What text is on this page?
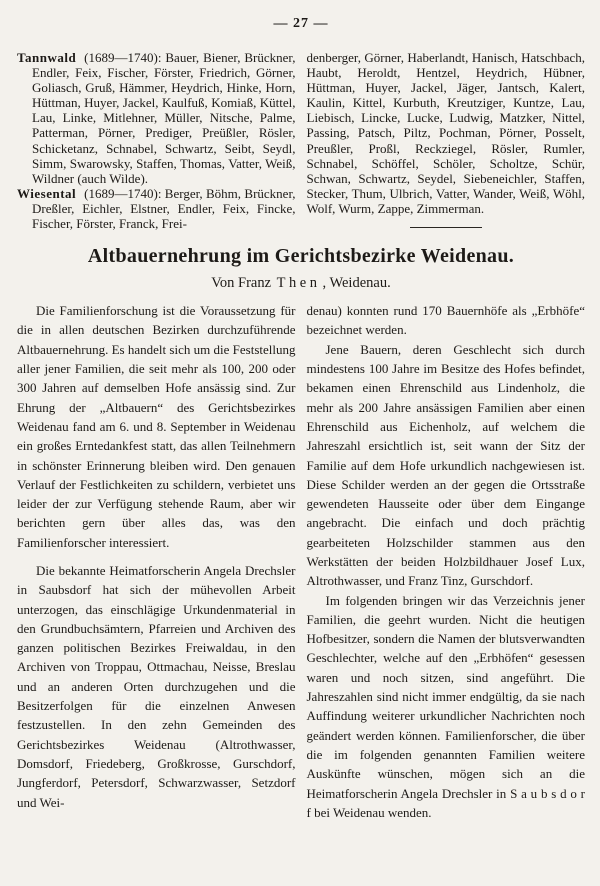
— 27 —

Tannwald (1689—1740): Bauer, Biener, Brückner, Endler, Feix, Fischer, Förster, Friedrich, Görner, Goliasch, Gruß, Hämmer, Heydrich, Hinke, Horn, Hüttman, Huyer, Jackel, Kaulfuß, Komiaß, Küttel, Lau, Linke, Mitlehner, Müller, Nitsche, Palme, Patterman, Pörner, Prediger, Preüßler, Rösler, Schicketanz, Schnabel, Schwartz, Seibt, Seydl, Simm, Swarowsky, Staffen, Thomas, Vatter, Weiß, Wildner (auch Wilde).

Wiesental (1689—1740): Berger, Böhm, Brückner, Dreßler, Eichler, Elstner, Endler, Feix, Fincke, Fischer, Förster, Franck, Frei-

denberger, Görner, Haberlandt, Hanisch, Hatschbach, Haubt, Heroldt, Hentzel, Heydrich, Hübner, Hüttman, Huyer, Jackel, Jäger, Jantsch, Kalert, Kaulin, Kittel, Kurbuth, Kreutziger, Kuntze, Lau, Liebisch, Lincke, Lucke, Ludwig, Matzker, Nittel, Passing, Patsch, Piltz, Pochman, Pörner, Posselt, Preußler, Proßl, Reckziegel, Rösler, Rumler, Schnabel, Schöffel, Schöler, Scholtze, Schür, Schwan, Schwartz, Seydel, Siebeneichler, Staffen, Stecker, Thum, Ulbrich, Vatter, Wander, Weiß, Wöhl, Wolf, Wurm, Zappe, Zimmerman.

Altbauernehrung im Gerichtsbezirke Weidenau.
Von Franz Then , Weidenau.

Die Familienforschung ist die Voraussetzung für die in allen deutschen Bezirken durchzuführende Altbauernehrung. Es handelt sich um die Feststellung aller jener Familien, die seit mehr als 100, 200 oder 300 Jahren auf demselben Hofe ansässig sind. Zur Ehrung der „Altbauern“ des Gerichtsbezirkes Weidenau fand am 6. und 8. September in Weidenau ein großes Erntedankfest statt, das allen Teilnehmern in schönster Erinnerung bleiben wird. Den genauen Verlauf der Festlichkeiten zu schildern, verbietet uns leider der zur Verfügung stehende Raum, aber wir berichten gern über alles das, was den Familienforscher interessiert.

Die bekannte Heimatforscherin Angela Drechsler in Saubsdorf hat sich der mühevollen Arbeit unterzogen, das einschlägige Urkundenmaterial in den Grundbuchsämtern, Pfarreien und Archiven des ganzen politischen Bezirkes Freiwaldau, in den Archiven von Troppau, Ottmachau, Neisse, Breslau und an anderen Orten durchzugehen und die Besitzerfolgen für die einzelnen Anwesen festzustellen. In den zehn Gemeinden des Gerichtsbezirkes Weidenau (Altrothwasser, Domsdorf, Friedeberg, Großkrosse, Gurschdorf, Jungferdorf, Petersdorf, Schwarzwasser, Setzdorf und Wei-

denau) konnten rund 170 Bauernhöfe als „Erbhöfe“ bezeichnet werden.

Jene Bauern, deren Geschlecht sich durch mindestens 100 Jahre im Besitze des Hofes befindet, bekamen einen Ehrenschild aus Lindenholz, die mehr als 200 Jahre ansässigen Familien aber einen Ehrenschild aus Eichenholz, auf welchem die Jahreszahl ersichtlich ist, seit wann der Sitz der Familie auf dem Hofe urkundlich nachgewiesen ist. Diese Schilder werden an der gegen die Ortsstraße gewendeten Hausseite oder über dem Eingange angebracht. Die einfach und doch prächtig gearbeiteten Holzschilder stammen aus den Werkstätten der beiden Holzbildhauer Josef Lux, Altrothwasser, und Franz Tinz, Gurschdorf.

Im folgenden bringen wir das Verzeichnis jener Familien, die geehrt wurden. Nicht die heutigen Hofbesitzer, sondern die Namen der blutsverwandten Geschlechter, welche auf den „Erbhöfen“ gesessen waren und noch sitzen, sind angeführt. Die Jahreszahlen sind nicht immer endgültig, da sie nach Auffindung weiterer urkundlicher Nachrichten noch geändert werden können. Familienforscher, die über die im folgenden genannten Familien weitere Auskünfte wünschen, mögen sich an die Heimatforscherin Angela Drechsler in S a u b s d o r f bei Weidenau wenden.
